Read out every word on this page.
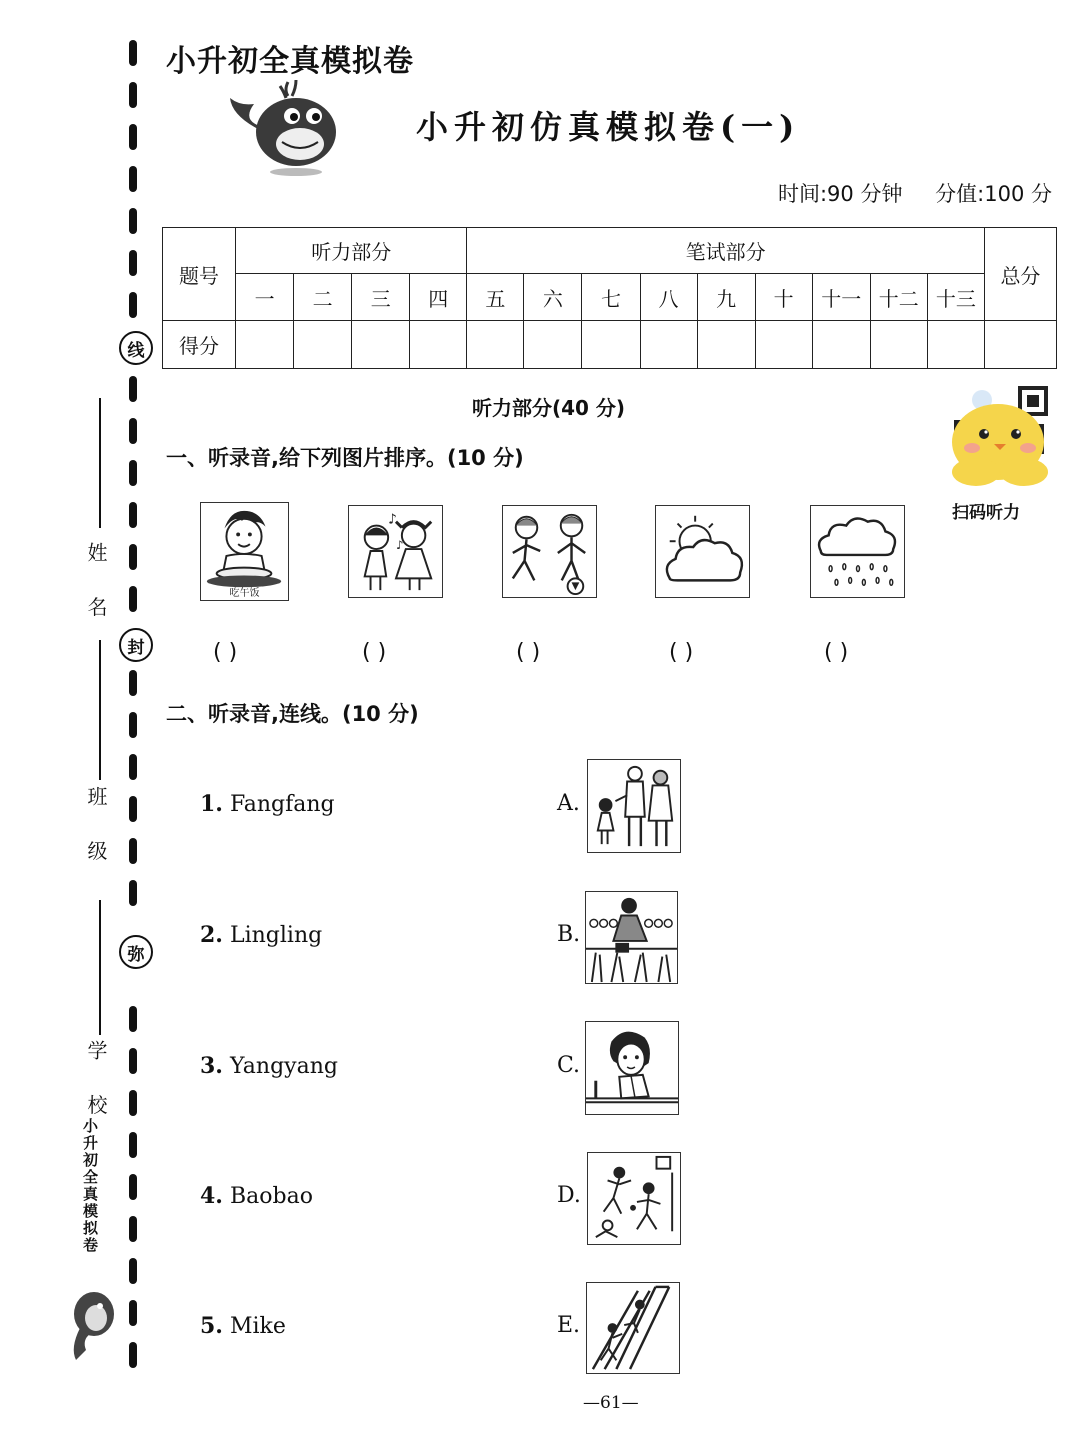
线
封
弥
姓 名
班 级
学 校
小升初全真模拟卷
小升初全真模拟卷
小升初仿真模拟卷(一)
时间:90 分钟 分值:100 分
题号	听力部分				笔试部分									总分
	一	二	三	四	五	六	七	八	九	十	十一	十二	十三	
得分														
听力部分(40 分)
扫码听力
一、听录音,给下列图片排序。(10 分)
吃午饭
♪
♪
( )	( )	( )	( )	( )
二、听录音,连线。(10 分)
1. Fangfang
2. Lingling
3. Yangyang
4. Baobao
5. Mike
A.
B.
C.
D.
E.
—61—
